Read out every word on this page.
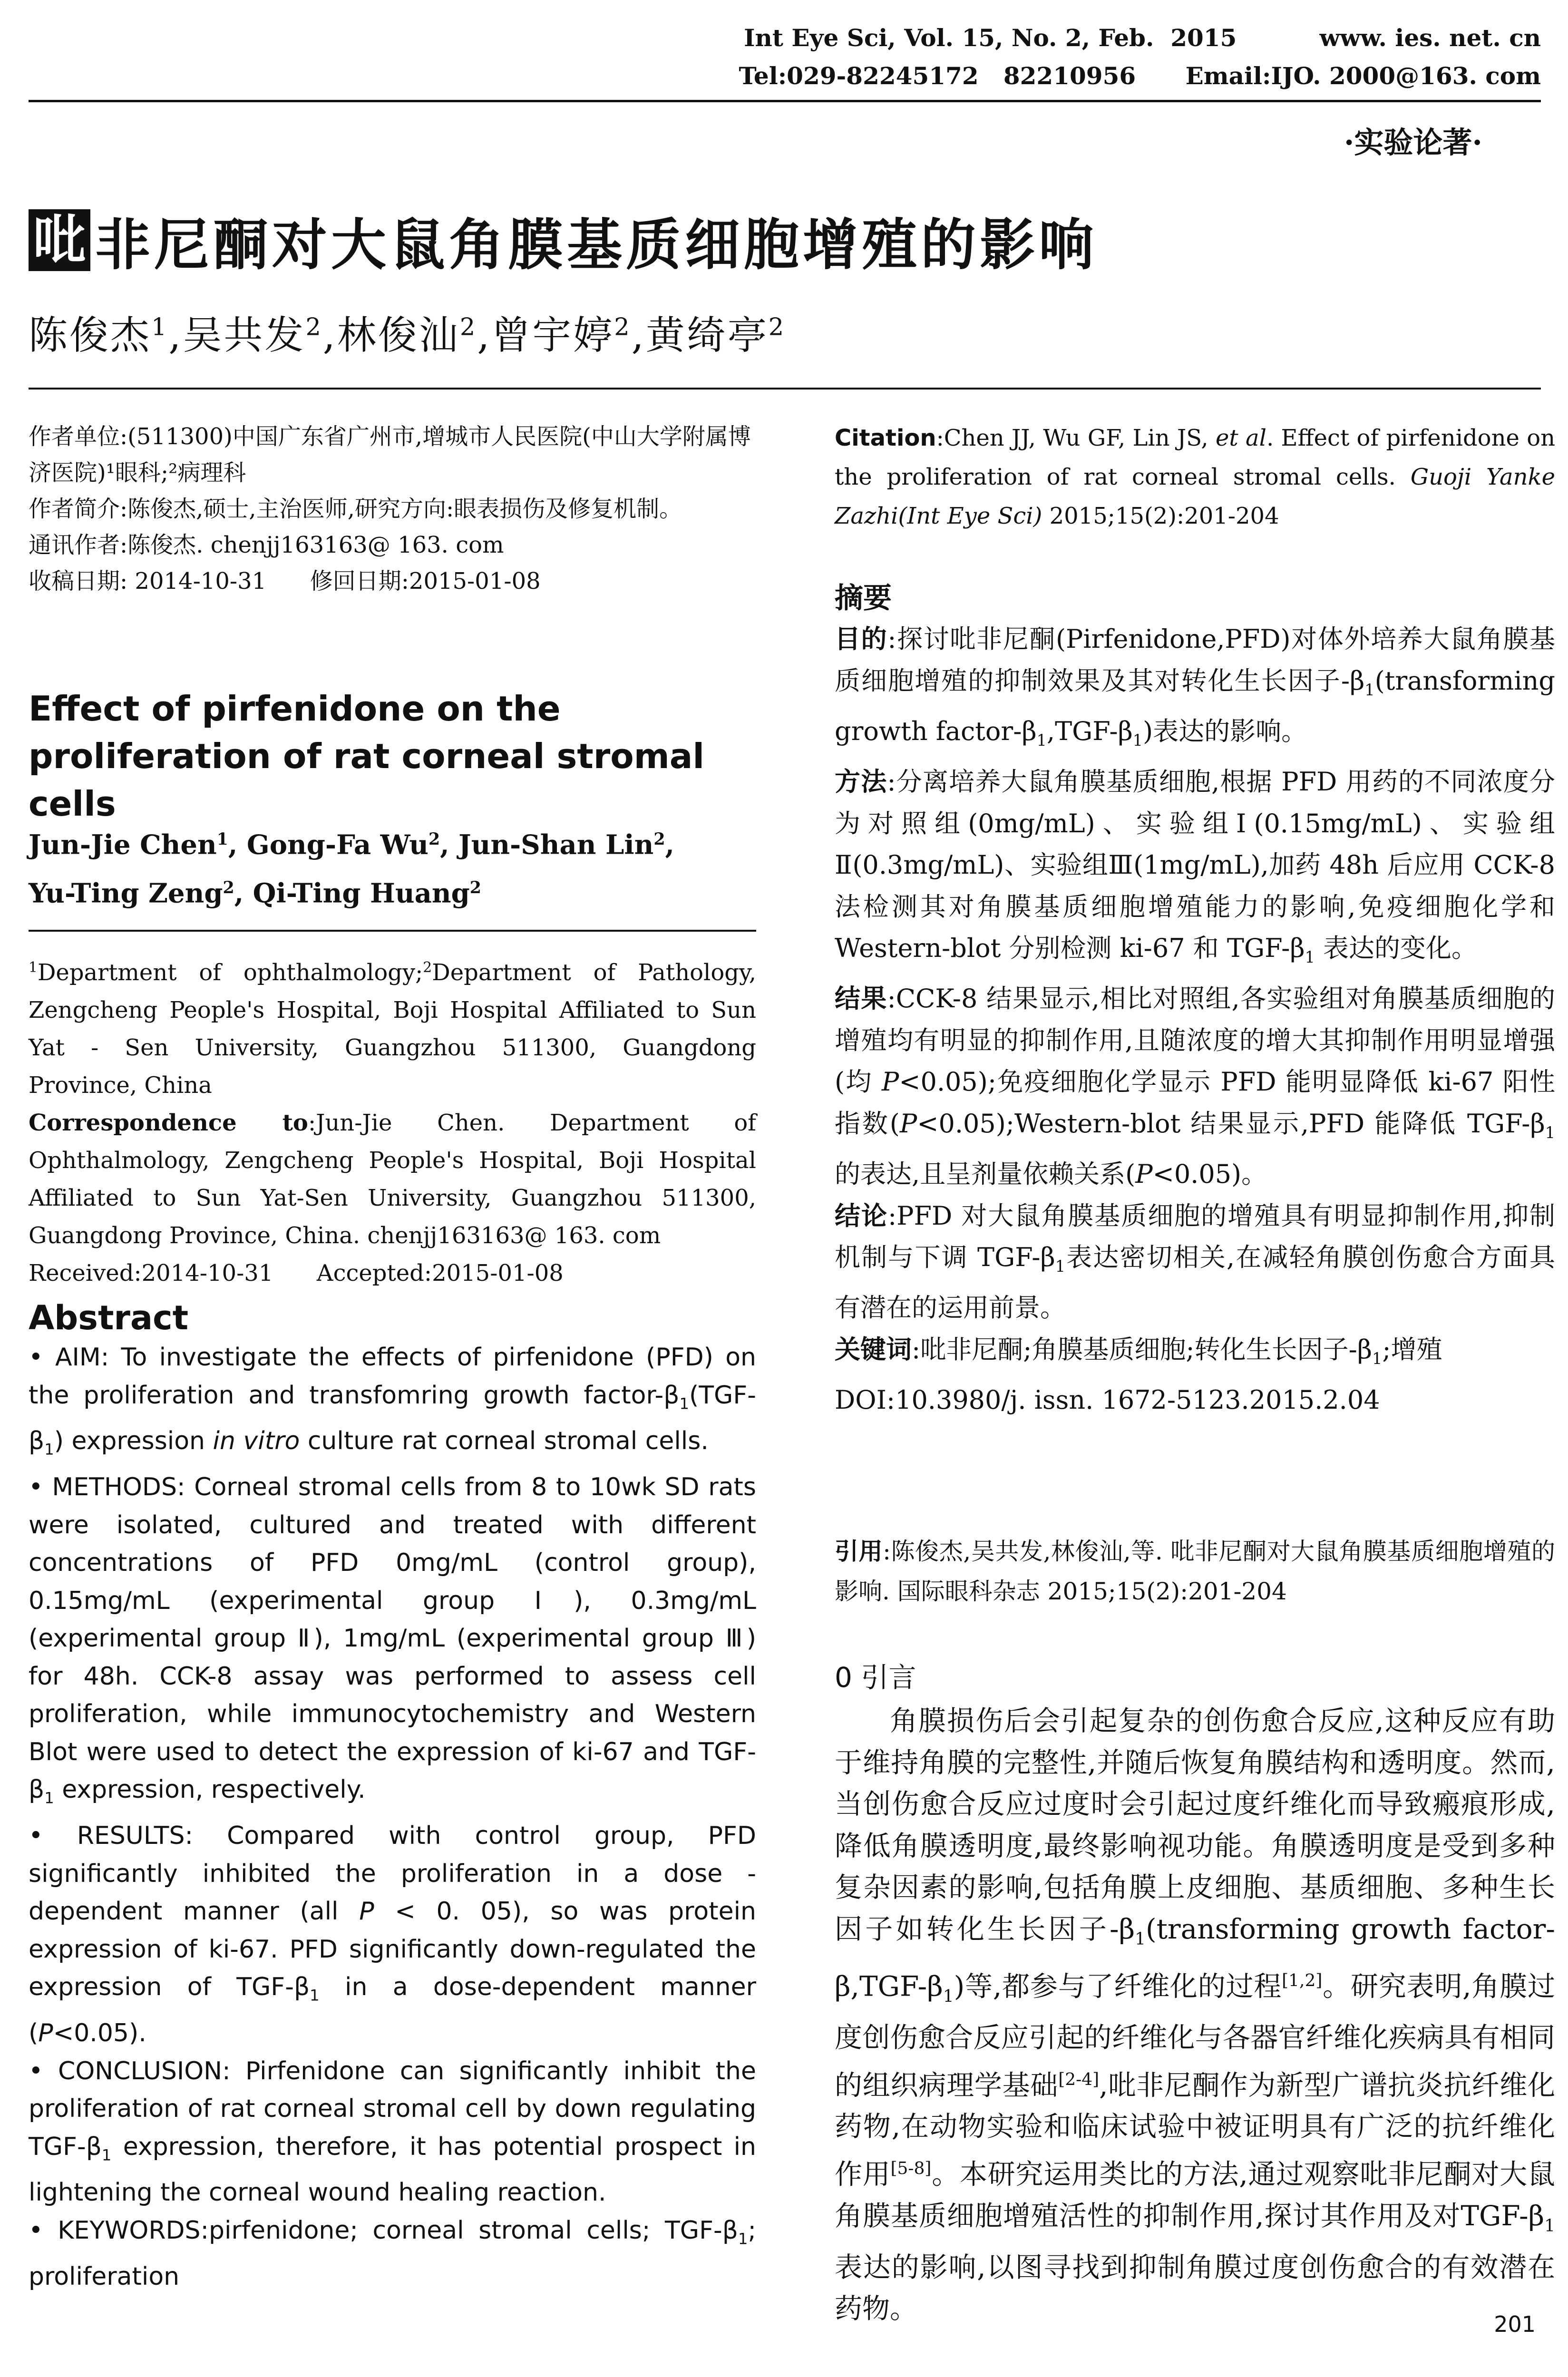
Int Eye Sci, Vol. 15, No. 2, Feb.  2015	www. ies. net. cn
Tel:029-82245172   82210956 Email:IJO. 2000@163. com
·实验论著·
吡 非尼酮对大鼠角膜基质细胞增殖的影响
陈俊杰$^1$,吴共发$^2$,林俊汕$^2$,曾宇婷$^2$,黄绮亭$^2$

作者单位:(511300)中国广东省广州市,增城市人民医院(中山大学附属博济医院)¹眼科;²病理科

作者简介:陈俊杰,硕士,主治医师,研究方向:眼表损伤及修复机制。

通讯作者:陈俊杰. chenjj163163@ 163. com

收稿日期: 2014-10-31      修回日期:2015-01-08

Effect of pirfenidone on the proliferation of rat corneal stromal cells
Jun-Jie Chen$^1$, Gong-Fa Wu$^2$, Jun-Shan Lin$^2$,
Yu-Ting Zeng$^2$, Qi-Ting Huang$^2$

$^1$Department of ophthalmology;$^2$Department of Pathology, Zengcheng People's Hospital, Boji Hospital Affiliated to Sun Yat - Sen University, Guangzhou 511300, Guangdong Province, China

Correspondence to:Jun-Jie Chen. Department of Ophthalmology, Zengcheng People's Hospital, Boji Hospital Affiliated to Sun Yat-Sen University, Guangzhou 511300, Guangdong Province, China. chenjj163163@ 163. com

Received:2014-10-31      Accepted:2015-01-08

Abstract

• AIM: To investigate the effects of pirfenidone (PFD) on the proliferation and transfomring growth factor-$\beta_1(TGF-\beta_1)$ expression in vitro culture rat corneal stromal cells.

• METHODS: Corneal stromal cells from 8 to 10wk SD rats were isolated, cultured and treated with different concentrations of PFD 0mg/mL (control group), 0.15mg/mL (experimental group Ⅰ), 0.3mg/mL (experimental group Ⅱ), 1mg/mL (experimental group Ⅲ) for 48h. CCK-8 assay was performed to assess cell proliferation, while immunocytochemistry and Western Blot were used to detect the expression of ki-67 and TGF-$\beta_1$ expression, respectively.

• RESULTS: Compared with control group, PFD significantly inhibited the proliferation in a dose - dependent manner (all P < 0. 05), so was protein expression of ki-67. PFD significantly down-regulated the expression of TGF-$\beta_1$ in a dose-dependent manner (P<0.05).

• CONCLUSION: Pirfenidone can significantly inhibit the proliferation of rat corneal stromal cell by down regulating TGF-$\beta_1$ expression, therefore, it has potential prospect in lightening the corneal wound healing reaction.

• KEYWORDS:pirfenidone; corneal stromal cells; TGF-$\beta_1$; proliferation

Citation:Chen JJ, Wu GF, Lin JS, et al. Effect of pirfenidone on the proliferation of rat corneal stromal cells. Guoji Yanke Zazhi(Int Eye Sci) 2015;15(2):201-204
摘要

目的:探讨吡非尼酮(Pirfenidone,PFD)对体外培养大鼠角膜基质细胞增殖的抑制效果及其对转化生长因子$-\beta_1(transforming$ growth factor-$\beta_1,TGF-\beta_1$)表达的影响。

方法:分离培养大鼠角膜基质细胞,根据 PFD 用药的不同浓度分为对照组(0mg/mL)、实验组Ⅰ(0.15mg/mL)、实验组Ⅱ(0.3mg/mL)、实验组Ⅲ(1mg/mL),加药 48h 后应用 CCK-8 法检测其对角膜基质细胞增殖能力的影响,免疫细胞化学和 Western-blot 分别检测 ki-67 和 TGF-$\beta_1$ 表达的变化。

结果:CCK-8 结果显示,相比对照组,各实验组对角膜基质细胞的增殖均有明显的抑制作用,且随浓度的增大其抑制作用明显增强(均 P<0.05);免疫细胞化学显示 PFD 能明显降低 ki-67 阳性指数(P<0.05);Western-blot 结果显示,PFD 能降低 TGF-$\beta_1$的表达,且呈剂量依赖关系(P<0.05)。

结论:PFD 对大鼠角膜基质细胞的增殖具有明显抑制作用,抑制机制与下调 TGF-$\beta_1$表达密切相关,在减轻角膜创伤愈合方面具有潜在的运用前景。

关键词:吡非尼酮;角膜基质细胞;转化生长因子$-\beta_1$;增殖

DOI:10.3980/j. issn. 1672-5123.2015.2.04

引用:陈俊杰,吴共发,林俊汕,等. 吡非尼酮对大鼠角膜基质细胞增殖的影响. 国际眼科杂志 2015;15(2):201-204
0 引言
角膜损伤后会引起复杂的创伤愈合反应,这种反应有助于维持角膜的完整性,并随后恢复角膜结构和透明度。然而,当创伤愈合反应过度时会引起过度纤维化而导致瘢痕形成,降低角膜透明度,最终影响视功能。角膜透明度是受到多种复杂因素的影响,包括角膜上皮细胞、基质细胞、多种生长因子如转化生长因子$-\beta_1(transforming$ growth factor-$\beta,TGF-\beta_1$)等,都参与了纤维化的过程[1,2]。研究表明,角膜过度创伤愈合反应引起的纤维化与各器官纤维化疾病具有相同的组织病理学基础[2-4],吡非尼酮作为新型广谱抗炎抗纤维化药物,在动物实验和临床试验中被证明具有广泛的抗纤维化作用[5-8]。本研究运用类比的方法,通过观察吡非尼酮对大鼠角膜基质细胞增殖活性的抑制作用,探讨其作用及对TGF-$\beta_1$表达的影响,以图寻找到抑制角膜过度创伤愈合的有效潜在药物。	201
